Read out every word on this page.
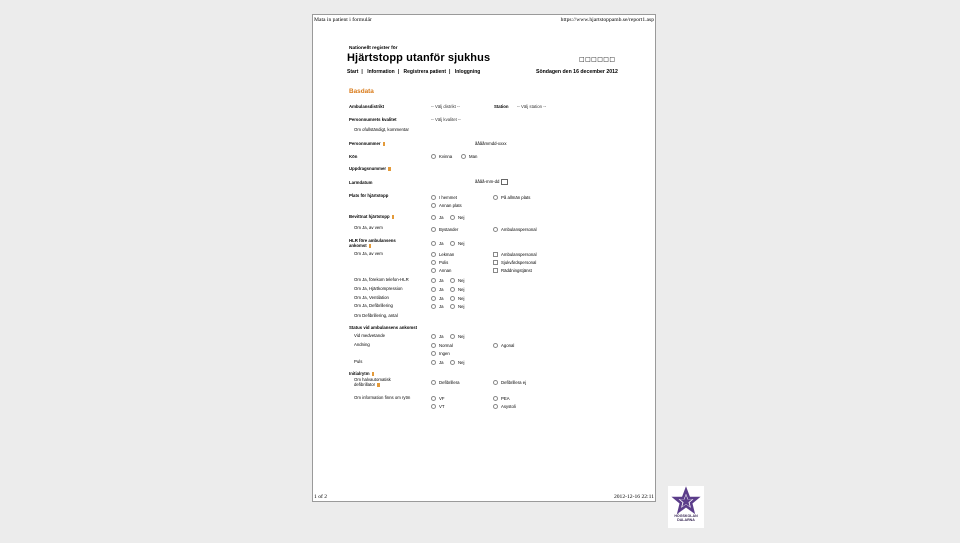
Mata in patient i formulär	https://www.hjartstoppamb.se/report1.asp
Nationellt register för
Hjärtstopp utanför sjukhus	□□□□□□
Start | Information | Registrera patient | Inloggning	Söndagen den 16 december 2012
Basdata
Ambulansdistrikt	-- Välj distrikt --	Station -- Välj station --
Personnumrets kvalitet	-- Välj kvalitet --
Om ofullständigt, kommentar
Personnummer	ååååmmdd-xxxx
Kön	Kvinna	Man
Uppdragsnummer
Larmdatum	åååå-mm-dd
Plats för hjärtstopp	I hemmet	På allmän plats
Annan plats
Bevittnat hjärtstopp	Ja	Nej
Om Ja, av vem	Bystander	Ambulanspersonal
HLR före ambulansens
ankomst	Ja	Nej
Om Ja, av vem	Lekman	Ambulanspersonal
Polis	Sjukvårdspersonal
Annan	Räddningstjänst
Om Ja, förekom telefon-HLR	Ja	Nej
Om Ja, Hjärtkompression	Ja	Nej
Om Ja, Ventilation	Ja	Nej
Om Ja, Defibrillering	Ja	Nej
Om Defibrillering, antal
Status vid ambulansens ankomst
Vid medvetande	Ja	Nej
Andning	Normal	Agonal
Ingen
Puls	Ja	Nej
Initialrytm
Om halvautomatisk
defibrillator	Defibrillera	Defibrillera ej
Om information finns om rytm	VF	PEA
VT	Asystoli
1 of 2	2012-12-16 22:11
HÖGSKOLAN
DALARNA
